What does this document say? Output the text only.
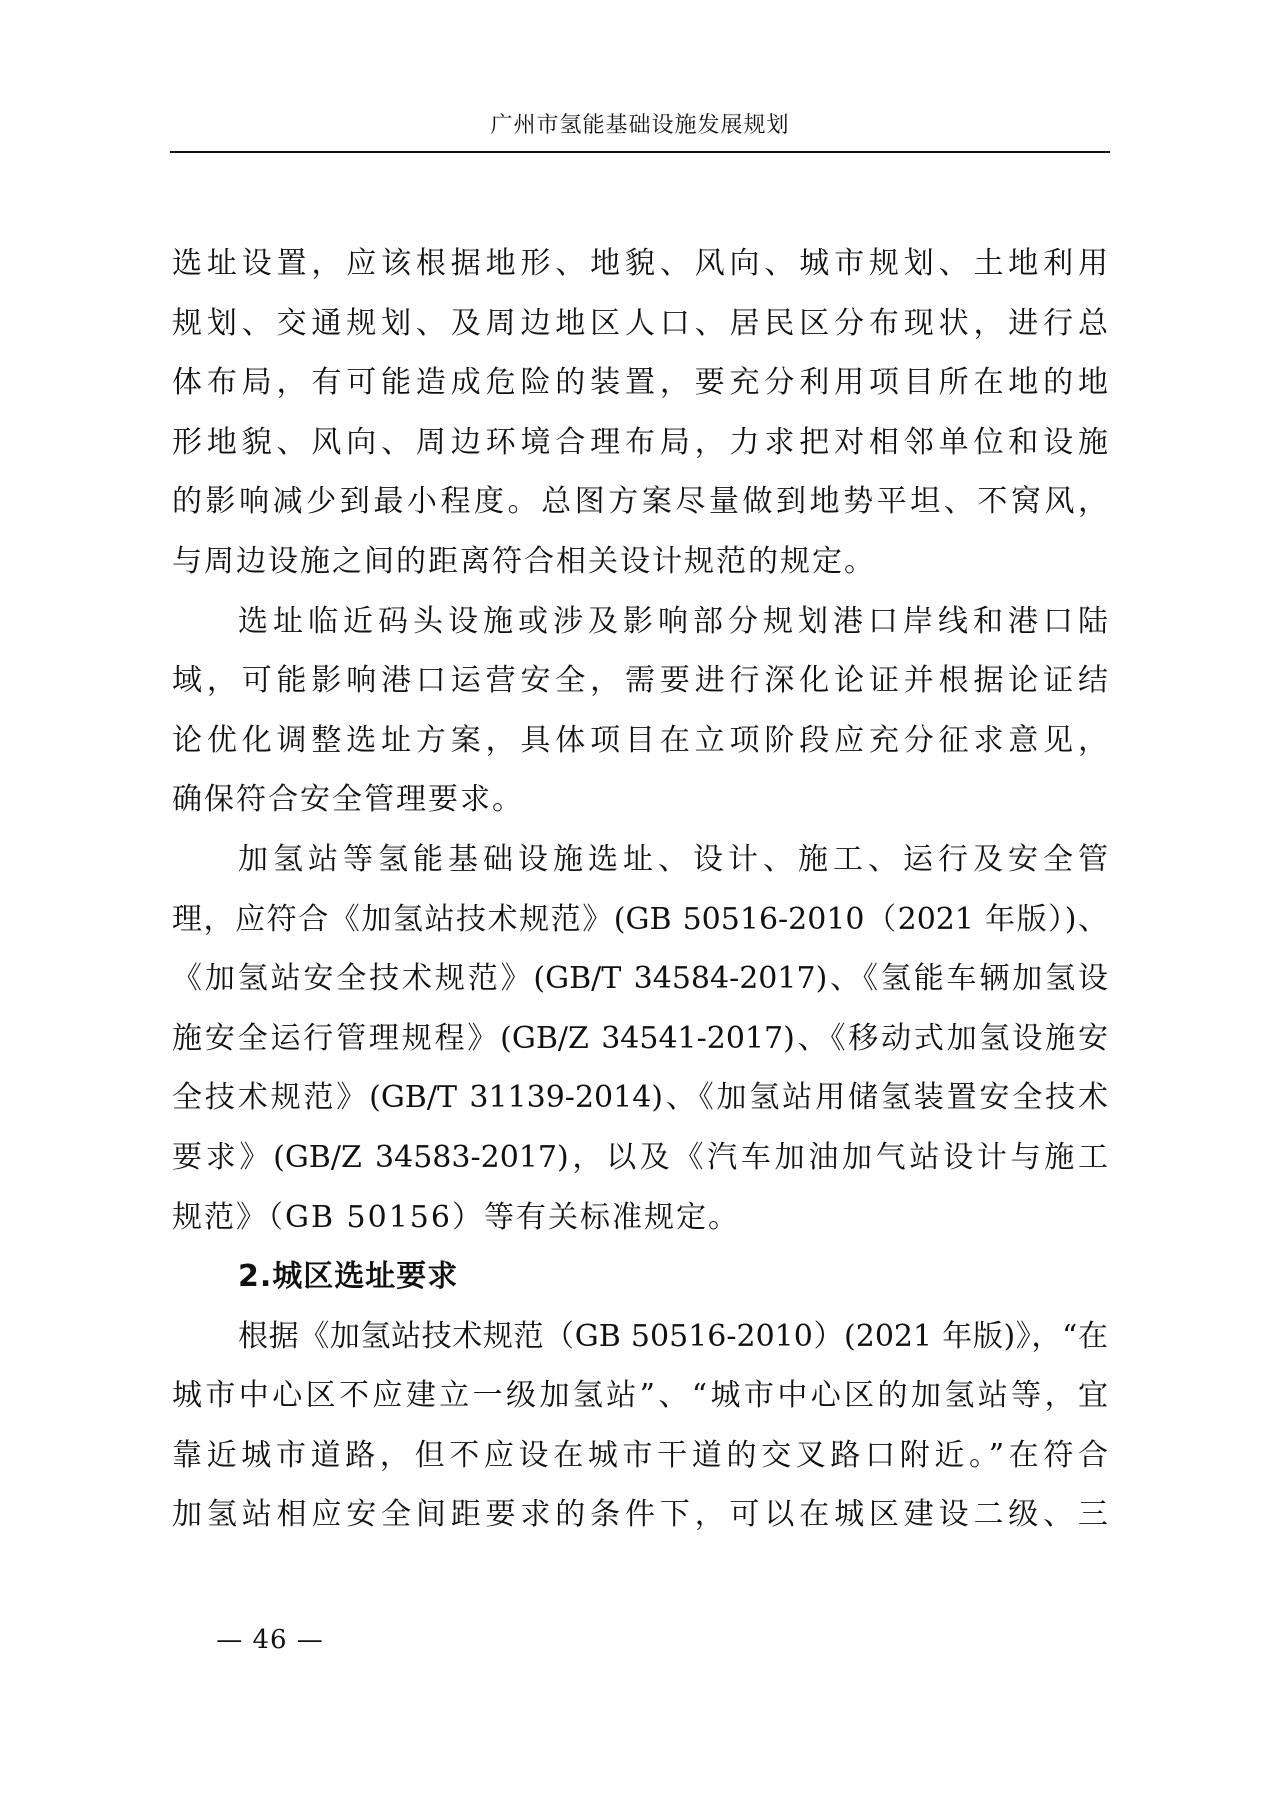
广州市氢能基础设施发展规划
选址设置，应该根据地形、地貌、风向、城市规划、土地利用
规划、交通规划、及周边地区人口、居民区分布现状，进行总
体布局，有可能造成危险的装置，要充分利用项目所在地的地
形地貌、风向、周边环境合理布局，力求把对相邻单位和设施
的影响减少到最小程度。总图方案尽量做到地势平坦、不窝风，
与周边设施之间的距离符合相关设计规范的规定。
选址临近码头设施或涉及影响部分规划港口岸线和港口陆
域，可能影响港口运营安全，需要进行深化论证并根据论证结
论优化调整选址方案，具体项目在立项阶段应充分征求意见，
确保符合安全管理要求。
加氢站等氢能基础设施选址、设计、施工、运行及安全管
理，应符合《加氢站技术规范》(GB 50516-2010（2021 年版）)、
《加氢站安全技术规范》(GB/T 34584-2017)、《氢能车辆加氢设
施安全运行管理规程》(GB/Z 34541-2017)、《移动式加氢设施安
全技术规范》(GB/T 31139-2014)、《加氢站用储氢装置安全技术
要求》(GB/Z 34583-2017)，以及《汽车加油加气站设计与施工
规范》（GB 50156）等有关标准规定。
2.城区选址要求
根据《加氢站技术规范（GB 50516-2010）(2021 年版)》，“在
城市中心区不应建立一级加氢站”、“城市中心区的加氢站等，宜
靠近城市道路，但不应设在城市干道的交叉路口附近。”在符合
加氢站相应安全间距要求的条件下，可以在城区建设二级、三
— 46 —
